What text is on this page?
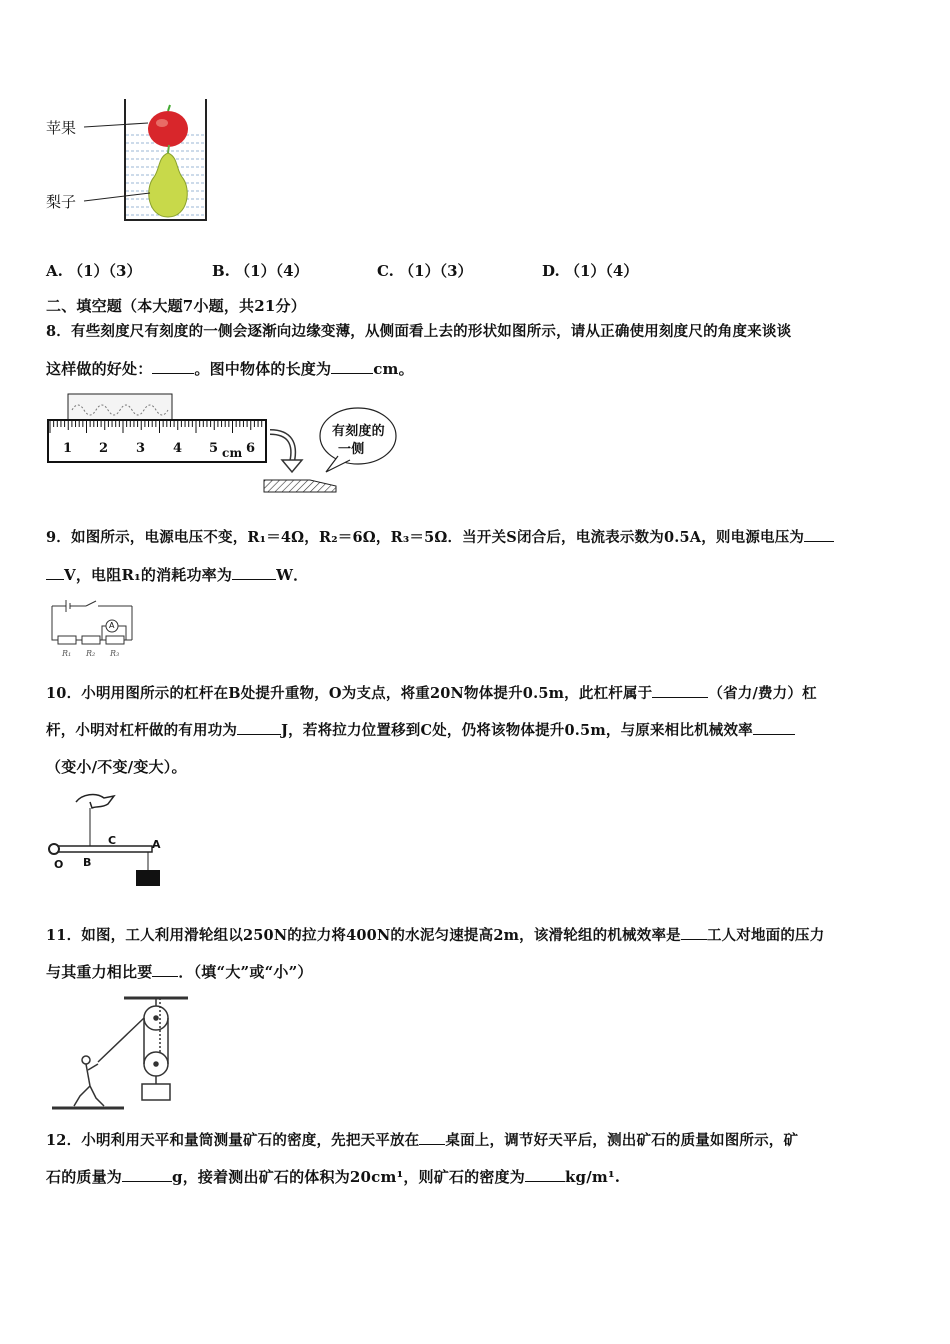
苹果
梨子
A. （1）（3）	B. （1）（4）	C. （1）（3）	D. （1）（4）
二、填空题（本大题7小题，共21分）
8．有些刻度尺有刻度的一侧会逐渐向边缘变薄，从侧面看上去的形状如图所示，请从正确使用刻度尺的角度来谈谈
这样做的好处：	。图中物体的长度为	cm。
1 2 3 4 5 6
cm
有刻度的
一侧
9．如图所示，电源电压不变，R₁＝4Ω，R₂＝6Ω，R₃＝5Ω．当开关S闭合后，电流表示数为0.5A，则电源电压为
V，电阻R₁的消耗功率为	W．
A
R₁ R₂ R₃
10．小明用图所示的杠杆在B处提升重物，O为支点，将重20N物体提升0.5m，此杠杆属于	（省力/费力）杠
杆，小明对杠杆做的有用功为	J，若将拉力位置移到C处，仍将该物体提升0.5m，与原来相比机械效率
（变小/不变/变大）。
O B
C	A
11．如图，工人利用滑轮组以250N的拉力将400N的水泥匀速提高2m，该滑轮组的机械效率是 工人对地面的压力
与其重力相比要 ．（填“大”或“小”）
12．小明利用天平和量筒测量矿石的密度，先把天平放在 桌面上，调节好天平后，测出矿石的质量如图所示，矿
石的质量为	g，接着测出矿石的体积为20cm¹，则矿石的密度为	kg/m¹.
